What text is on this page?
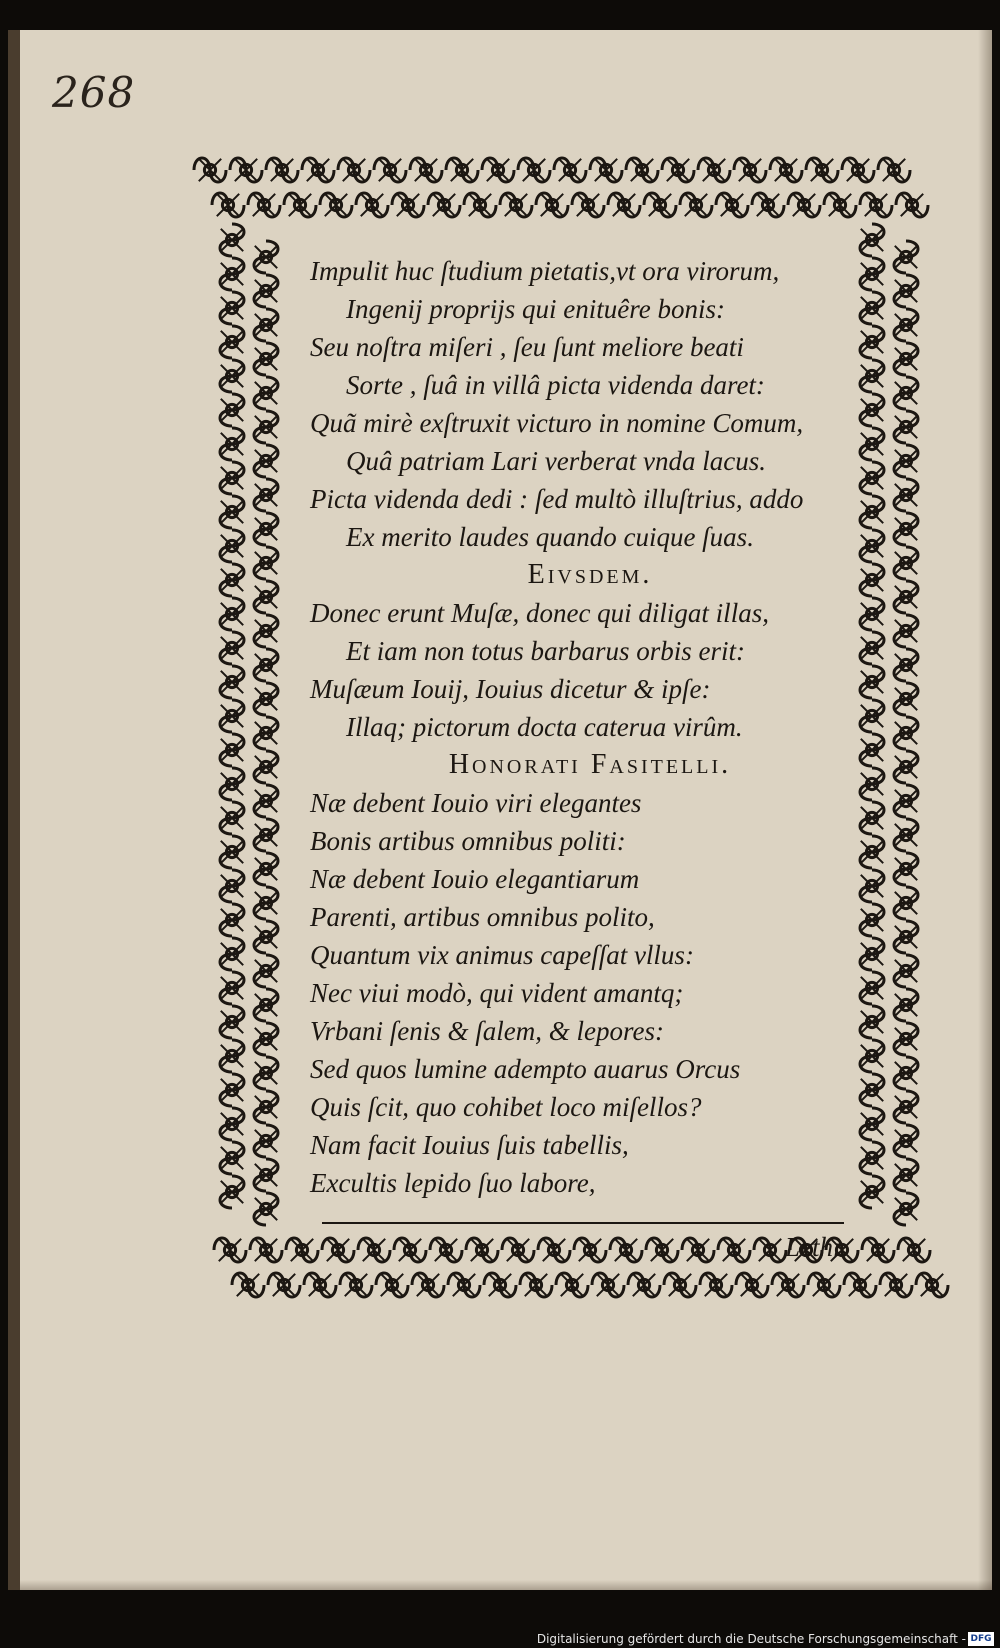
268
Impulit huc ſtudium pietatis,vt ora virorum,
Ingenij proprijs qui enituêre bonis:
Seu noſtra miſeri , ſeu ſunt meliore beati
Sorte , ſuâ in villâ picta videnda daret:
Quã mirè exſtruxit victuro in nomine Comum,
Quâ patriam Lari verberat vnda lacus.
Picta videnda dedi : ſed multò illuſtrius, addo
Ex merito laudes quando cuique ſuas.
Eivsdem.
Donec erunt Muſæ, donec qui diligat illas,
Et iam non totus barbarus orbis erit:
Muſæum Iouij, Iouius dicetur & ipſe:
Illaq; pictorum docta caterua virûm.
Honorati Fasitelli.
Næ debent Iouio viri elegantes
Bonis artibus omnibus politi:
Næ debent Iouio elegantiarum
Parenti, artibus omnibus polito,
Quantum vix animus capeſſat vllus:
Nec viui modò, qui vident amantq;
Vrbani ſenis & ſalem, & lepores:
Sed quos lumine adempto auarus Orcus
Quis ſcit, quo cohibet loco miſellos?
Nam facit Iouius ſuis tabellis,
Excultis lepido ſuo labore,
Lethi
Digitalisierung gefördert durch die Deutsche Forschungsgemeinschaft - DFG
